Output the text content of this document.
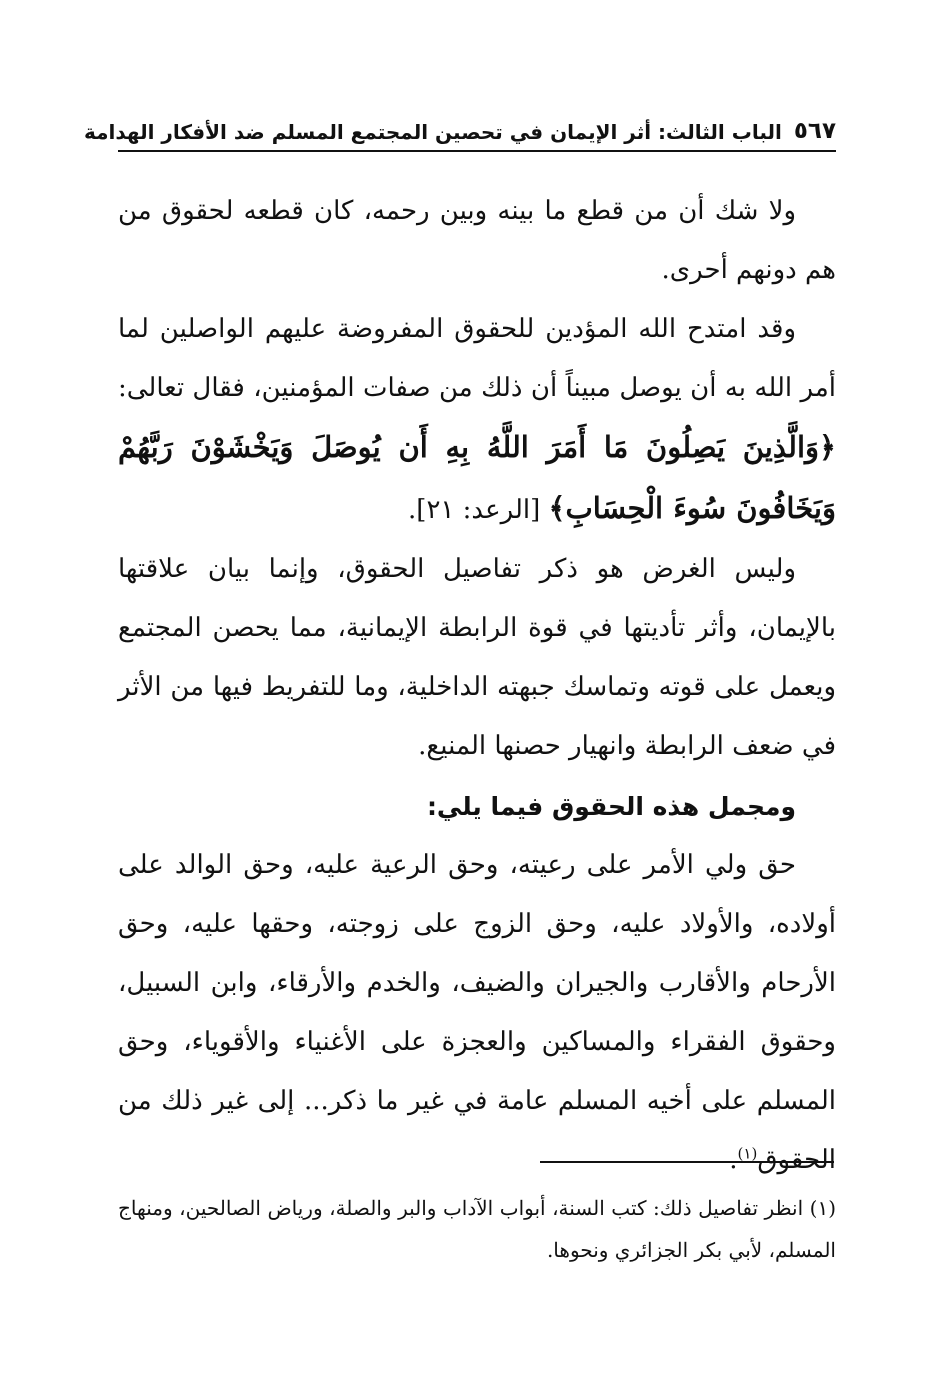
٥٦٧
الباب الثالث: أثر الإيمان في تحصين المجتمع المسلم ضد الأفكار الهدامة

ولا شك أن من قطع ما بينه وبين رحمه، كان قطعه لحقوق من هم دونهم أحرى.

وقد امتدح الله المؤدين للحقوق المفروضة عليهم الواصلين لما أمر الله به أن يوصل مبيناً أن ذلك من صفات المؤمنين، فقال تعالى: ﴿وَالَّذِينَ يَصِلُونَ مَا أَمَرَ اللَّهُ بِهِ أَن يُوصَلَ وَيَخْشَوْنَ رَبَّهُمْ وَيَخَافُونَ سُوءَ الْحِسَابِ﴾ [الرعد: ٢١].

وليس الغرض هو ذكر تفاصيل الحقوق، وإنما بيان علاقتها بالإيمان، وأثر تأديتها في قوة الرابطة الإيمانية، مما يحصن المجتمع ويعمل على قوته وتماسك جبهته الداخلية، وما للتفريط فيها من الأثر في ضعف الرابطة وانهيار حصنها المنيع.

ومجمل هذه الحقوق فيما يلي:

حق ولي الأمر على رعيته، وحق الرعية عليه، وحق الوالد على أولاده، والأولاد عليه، وحق الزوج على زوجته، وحقها عليه، وحق الأرحام والأقارب والجيران والضيف، والخدم والأرقاء، وابن السبيل، وحقوق الفقراء والمساكين والعجزة على الأغنياء والأقوياء، وحق المسلم على أخيه المسلم عامة في غير ما ذكر... إلى غير ذلك من الحقوق$^{(١)}$.

(١) انظر تفاصيل ذلك: كتب السنة، أبواب الآداب والبر والصلة، ورياض الصالحين، ومنهاج المسلم، لأبي بكر الجزائري ونحوها.
